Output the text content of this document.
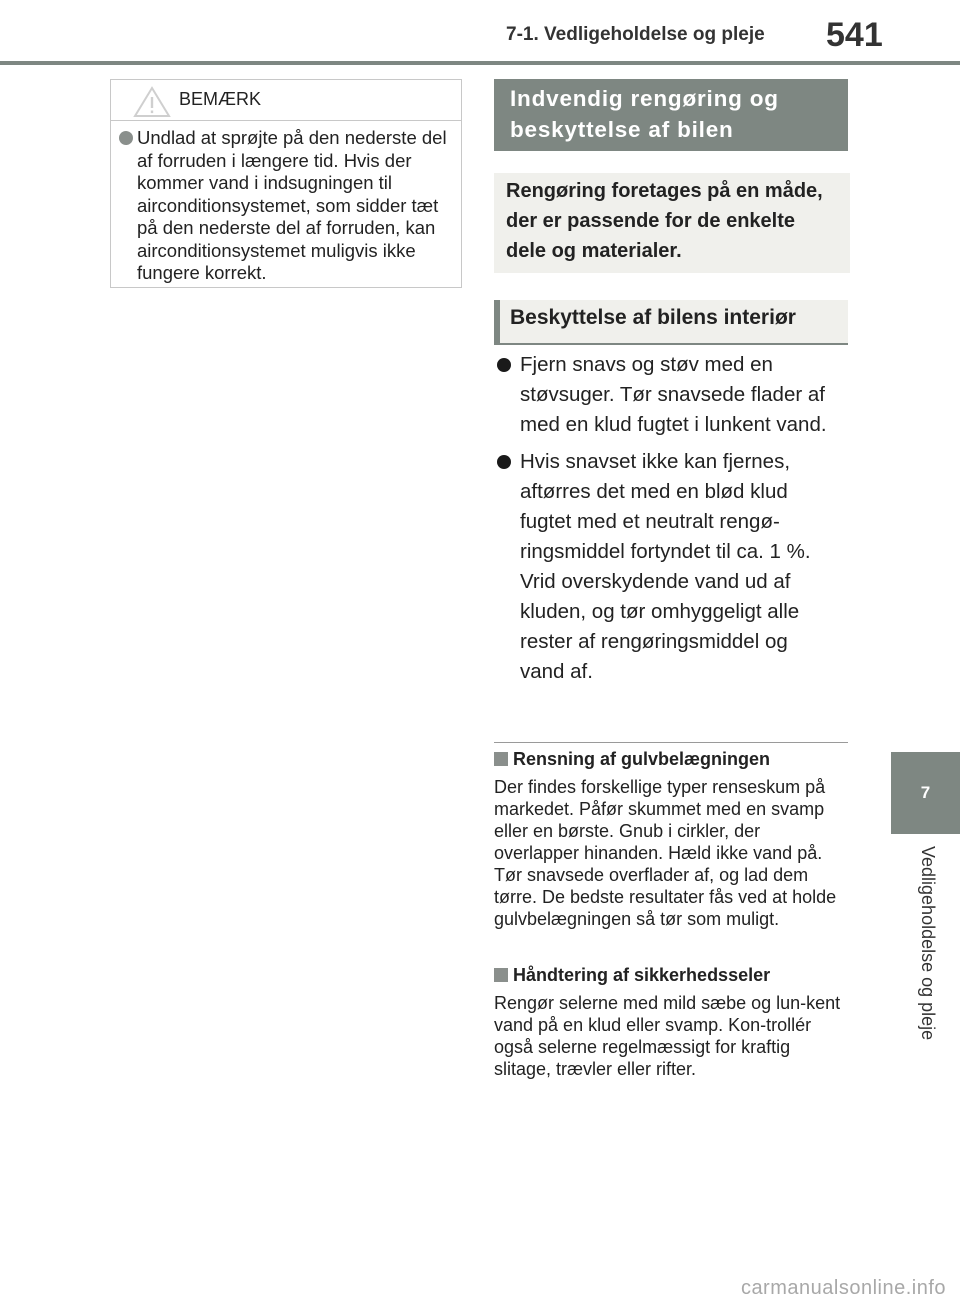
7-1. Vedligeholdelse og pleje 541
BEMÆRK

Undlad at sprøjte på den nederste del af forruden i længere tid. Hvis der kommer vand i indsugningen til airconditionsystemet, som sidder tæt på den nederste del af forruden, kan airconditionsystemet muligvis ikke fungere korrekt.

Indvendig rengøring og beskyttelse af bilen
Rengøring foretages på en måde, der er passende for de enkelte dele og materialer.
Beskyttelse af bilens interiør
Fjern snavs og støv med en støvsuger. Tør snavsede flader af med en klud fugtet i lunkent vand.
Hvis snavset ikke kan fjernes, aftørres det med en blød klud fugtet med et neutralt rengø-ringsmiddel fortyndet til ca. 1 %. Vrid overskydende vand ud af kluden, og tør omhyggeligt alle rester af rengøringsmiddel og vand af.

Rensning af gulvbelægningen

Der findes forskellige typer renseskum på markedet. Påfør skummet med en svamp eller en børste. Gnub i cirkler, der overlapper hinanden. Hæld ikke vand på. Tør snavsede overflader af, og lad dem tørre. De bedste resultater fås ved at holde gulvbelægningen så tør som muligt.

Håndtering af sikkerhedsseler

Rengør selerne med mild sæbe og lun-kent vand på en klud eller svamp. Kon-trollér også selerne regelmæssigt for kraftig slitage, trævler eller rifter.

7
Vedligeholdelse og pleje
carmanualsonline.info
